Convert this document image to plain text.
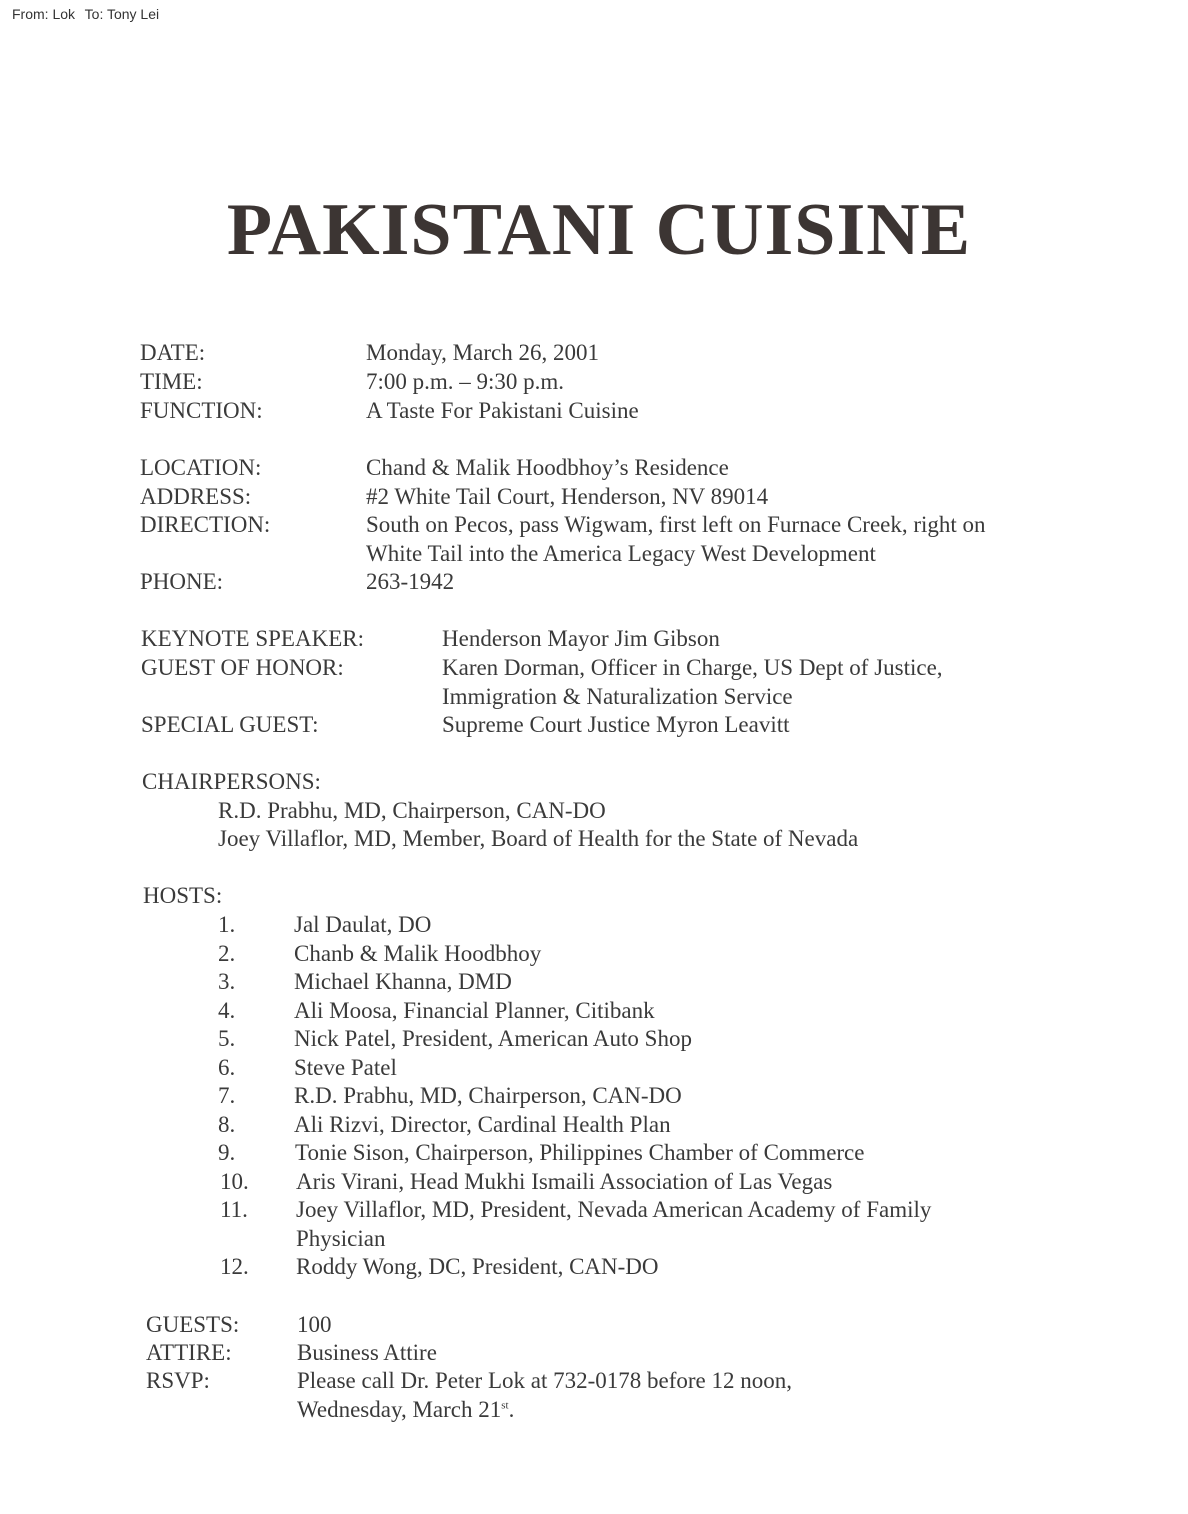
From: Lok To: Tony Lei
PAKISTANI CUISINE
DATE:	Monday, March 26, 2001
TIME:	7:00 p.m. – 9:30 p.m.
FUNCTION:	A Taste For Pakistani Cuisine
LOCATION:	Chand & Malik Hoodbhoy’s Residence
ADDRESS:	#2 White Tail Court, Henderson, NV 89014
DIRECTION:	South on Pecos, pass Wigwam, first left on Furnace Creek, right on
White Tail into the America Legacy West Development
PHONE:	263-1942
KEYNOTE SPEAKER:	Henderson Mayor Jim Gibson
GUEST OF HONOR:	Karen Dorman, Officer in Charge, US Dept of Justice,
Immigration & Naturalization Service
SPECIAL GUEST:	Supreme Court Justice Myron Leavitt
CHAIRPERSONS:
R.D. Prabhu, MD, Chairperson, CAN-DO
Joey Villaflor, MD, Member, Board of Health for the State of Nevada
HOSTS:
1.	Jal Daulat, DO
2.	Chanb & Malik Hoodbhoy
3.	Michael Khanna, DMD
4.	Ali Moosa, Financial Planner, Citibank
5.	Nick Patel, President, American Auto Shop
6.	Steve Patel
7.	R.D. Prabhu, MD, Chairperson, CAN-DO
8.	Ali Rizvi, Director, Cardinal Health Plan
9.	Tonie Sison, Chairperson, Philippines Chamber of Commerce
10. Aris Virani, Head Mukhi Ismaili Association of Las Vegas
11. Joey Villaflor, MD, President, Nevada American Academy of Family
Physician
12. Roddy Wong, DC, President, CAN-DO
GUESTS:	100
ATTIRE:	Business Attire
RSVP:	Please call Dr. Peter Lok at 732-0178 before 12 noon,
Wednesday, March 21st.
